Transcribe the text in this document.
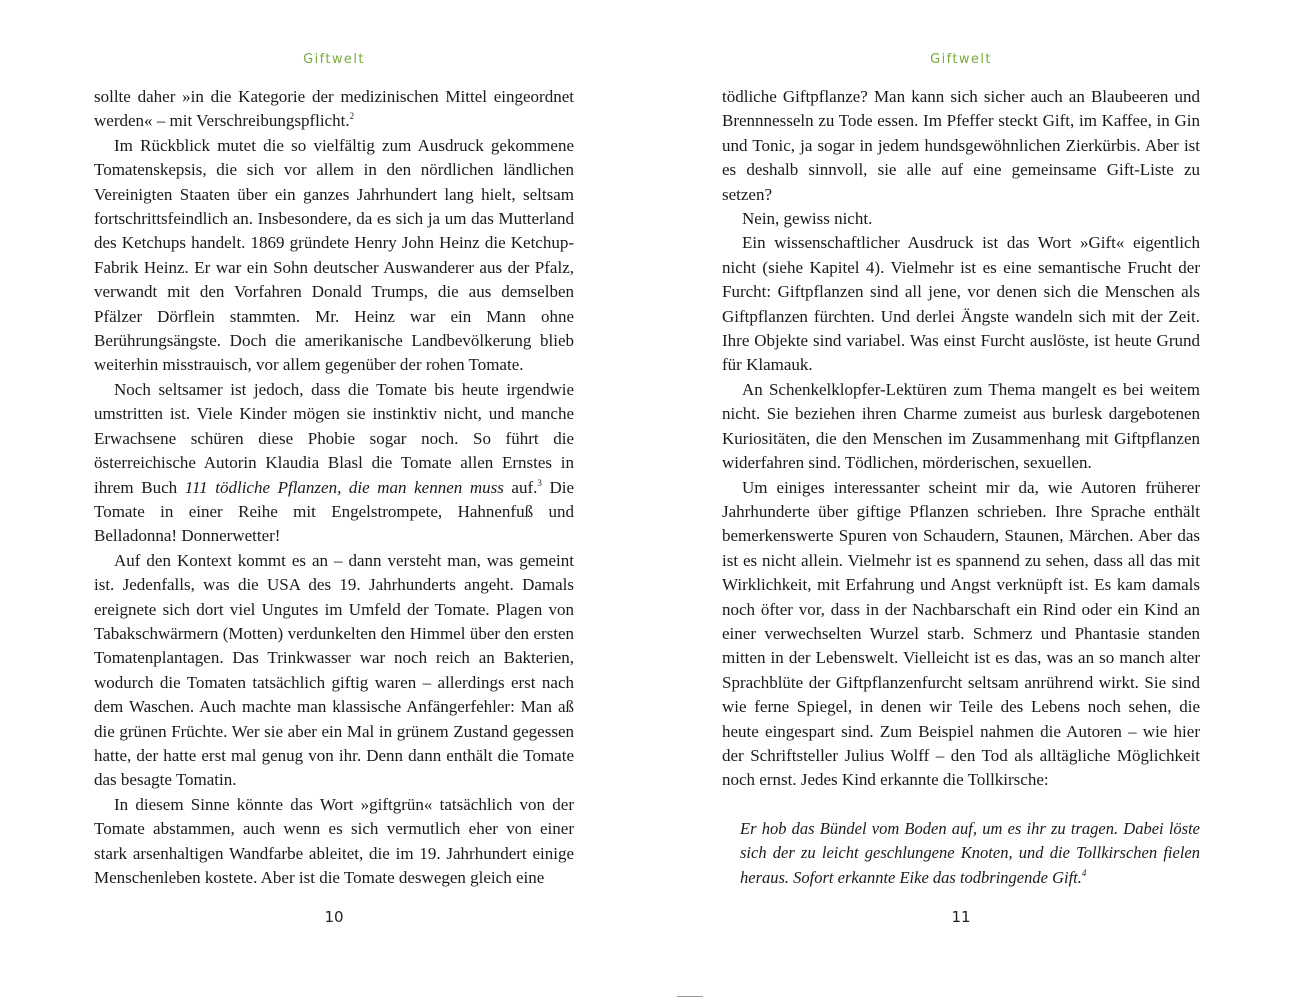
Giftwelt

sollte daher »in die Kategorie der medizinischen Mittel eingeordnet werden« – mit Verschreibungspflicht.$^2$

Im Rückblick mutet die so vielfältig zum Ausdruck gekommene Tomatenskepsis, die sich vor allem in den nördlichen ländlichen Vereinigten Staaten über ein ganzes Jahrhundert lang hielt, seltsam fortschrittsfeindlich an. Insbesondere, da es sich ja um das Mutterland des Ketchups handelt. 1869 gründete Henry John Heinz die Ketchup-Fabrik Heinz. Er war ein Sohn deutscher Auswanderer aus der Pfalz, verwandt mit den Vorfahren Donald Trumps, die aus demselben Pfälzer Dörflein stammten. Mr. Heinz war ein Mann ohne Berührungsängste. Doch die amerikanische Landbevölkerung blieb weiterhin misstrauisch, vor allem gegenüber der rohen Tomate.

Noch seltsamer ist jedoch, dass die Tomate bis heute irgendwie umstritten ist. Viele Kinder mögen sie instinktiv nicht, und manche Erwachsene schüren diese Phobie sogar noch. So führt die österreichische Autorin Klaudia Blasl die Tomate allen Ernstes in ihrem Buch 111 tödliche Pflanzen, die man kennen muss auf.$^3$ Die Tomate in einer Reihe mit Engelstrompete, Hahnenfuß und Belladonna! Donnerwetter!

Auf den Kontext kommt es an – dann versteht man, was gemeint ist. Jedenfalls, was die USA des 19. Jahrhunderts angeht. Damals ereignete sich dort viel Ungutes im Umfeld der Tomate. Plagen von Tabakschwärmern (Motten) verdunkelten den Himmel über den ersten Tomatenplantagen. Das Trinkwasser war noch reich an Bakterien, wodurch die Tomaten tatsächlich giftig waren – allerdings erst nach dem Waschen. Auch machte man klassische Anfängerfehler: Man aß die grünen Früchte. Wer sie aber ein Mal in grünem Zustand gegessen hatte, der hatte erst mal genug von ihr. Denn dann enthält die Tomate das besagte Tomatin.

In diesem Sinne könnte das Wort »giftgrün« tatsächlich von der Tomate abstammen, auch wenn es sich vermutlich eher von einer stark arsenhaltigen Wandfarbe ableitet, die im 19. Jahrhundert einige Menschenleben kostete. Aber ist die Tomate deswegen gleich eine

10
Giftwelt

tödliche Giftpflanze? Man kann sich sicher auch an Blaubeeren und Brennnesseln zu Tode essen. Im Pfeffer steckt Gift, im Kaffee, in Gin und Tonic, ja sogar in jedem hundsgewöhnlichen Zierkürbis. Aber ist es deshalb sinnvoll, sie alle auf eine gemeinsame Gift-Liste zu setzen?

Nein, gewiss nicht.

Ein wissenschaftlicher Ausdruck ist das Wort »Gift« eigentlich nicht (siehe Kapitel 4). Vielmehr ist es eine semantische Frucht der Furcht: Giftpflanzen sind all jene, vor denen sich die Menschen als Giftpflanzen fürchten. Und derlei Ängste wandeln sich mit der Zeit. Ihre Objekte sind variabel. Was einst Furcht auslöste, ist heute Grund für Klamauk.

An Schenkelklopfer-Lektüren zum Thema mangelt es bei weitem nicht. Sie beziehen ihren Charme zumeist aus burlesk dargebotenen Kuriositäten, die den Menschen im Zusammenhang mit Giftpflanzen widerfahren sind. Tödlichen, mörderischen, sexuellen.

Um einiges interessanter scheint mir da, wie Autoren früherer Jahrhunderte über giftige Pflanzen schrieben. Ihre Sprache enthält bemerkenswerte Spuren von Schaudern, Staunen, Märchen. Aber das ist es nicht allein. Vielmehr ist es spannend zu sehen, dass all das mit Wirklichkeit, mit Erfahrung und Angst verknüpft ist. Es kam damals noch öfter vor, dass in der Nachbarschaft ein Rind oder ein Kind an einer verwechselten Wurzel starb. Schmerz und Phantasie standen mitten in der Lebenswelt. Vielleicht ist es das, was an so manch alter Sprachblüte der Giftpflanzenfurcht seltsam anrührend wirkt. Sie sind wie ferne Spiegel, in denen wir Teile des Lebens noch sehen, die heute eingespart sind. Zum Beispiel nahmen die Autoren – wie hier der Schriftsteller Julius Wolff – den Tod als alltägliche Möglichkeit noch ernst. Jedes Kind erkannte die Tollkirsche:

Er hob das Bündel vom Boden auf, um es ihr zu tragen. Dabei löste sich der zu leicht geschlungene Knoten, und die Tollkirschen fielen heraus. Sofort erkannte Eike das todbringende Gift.$^4$

11
